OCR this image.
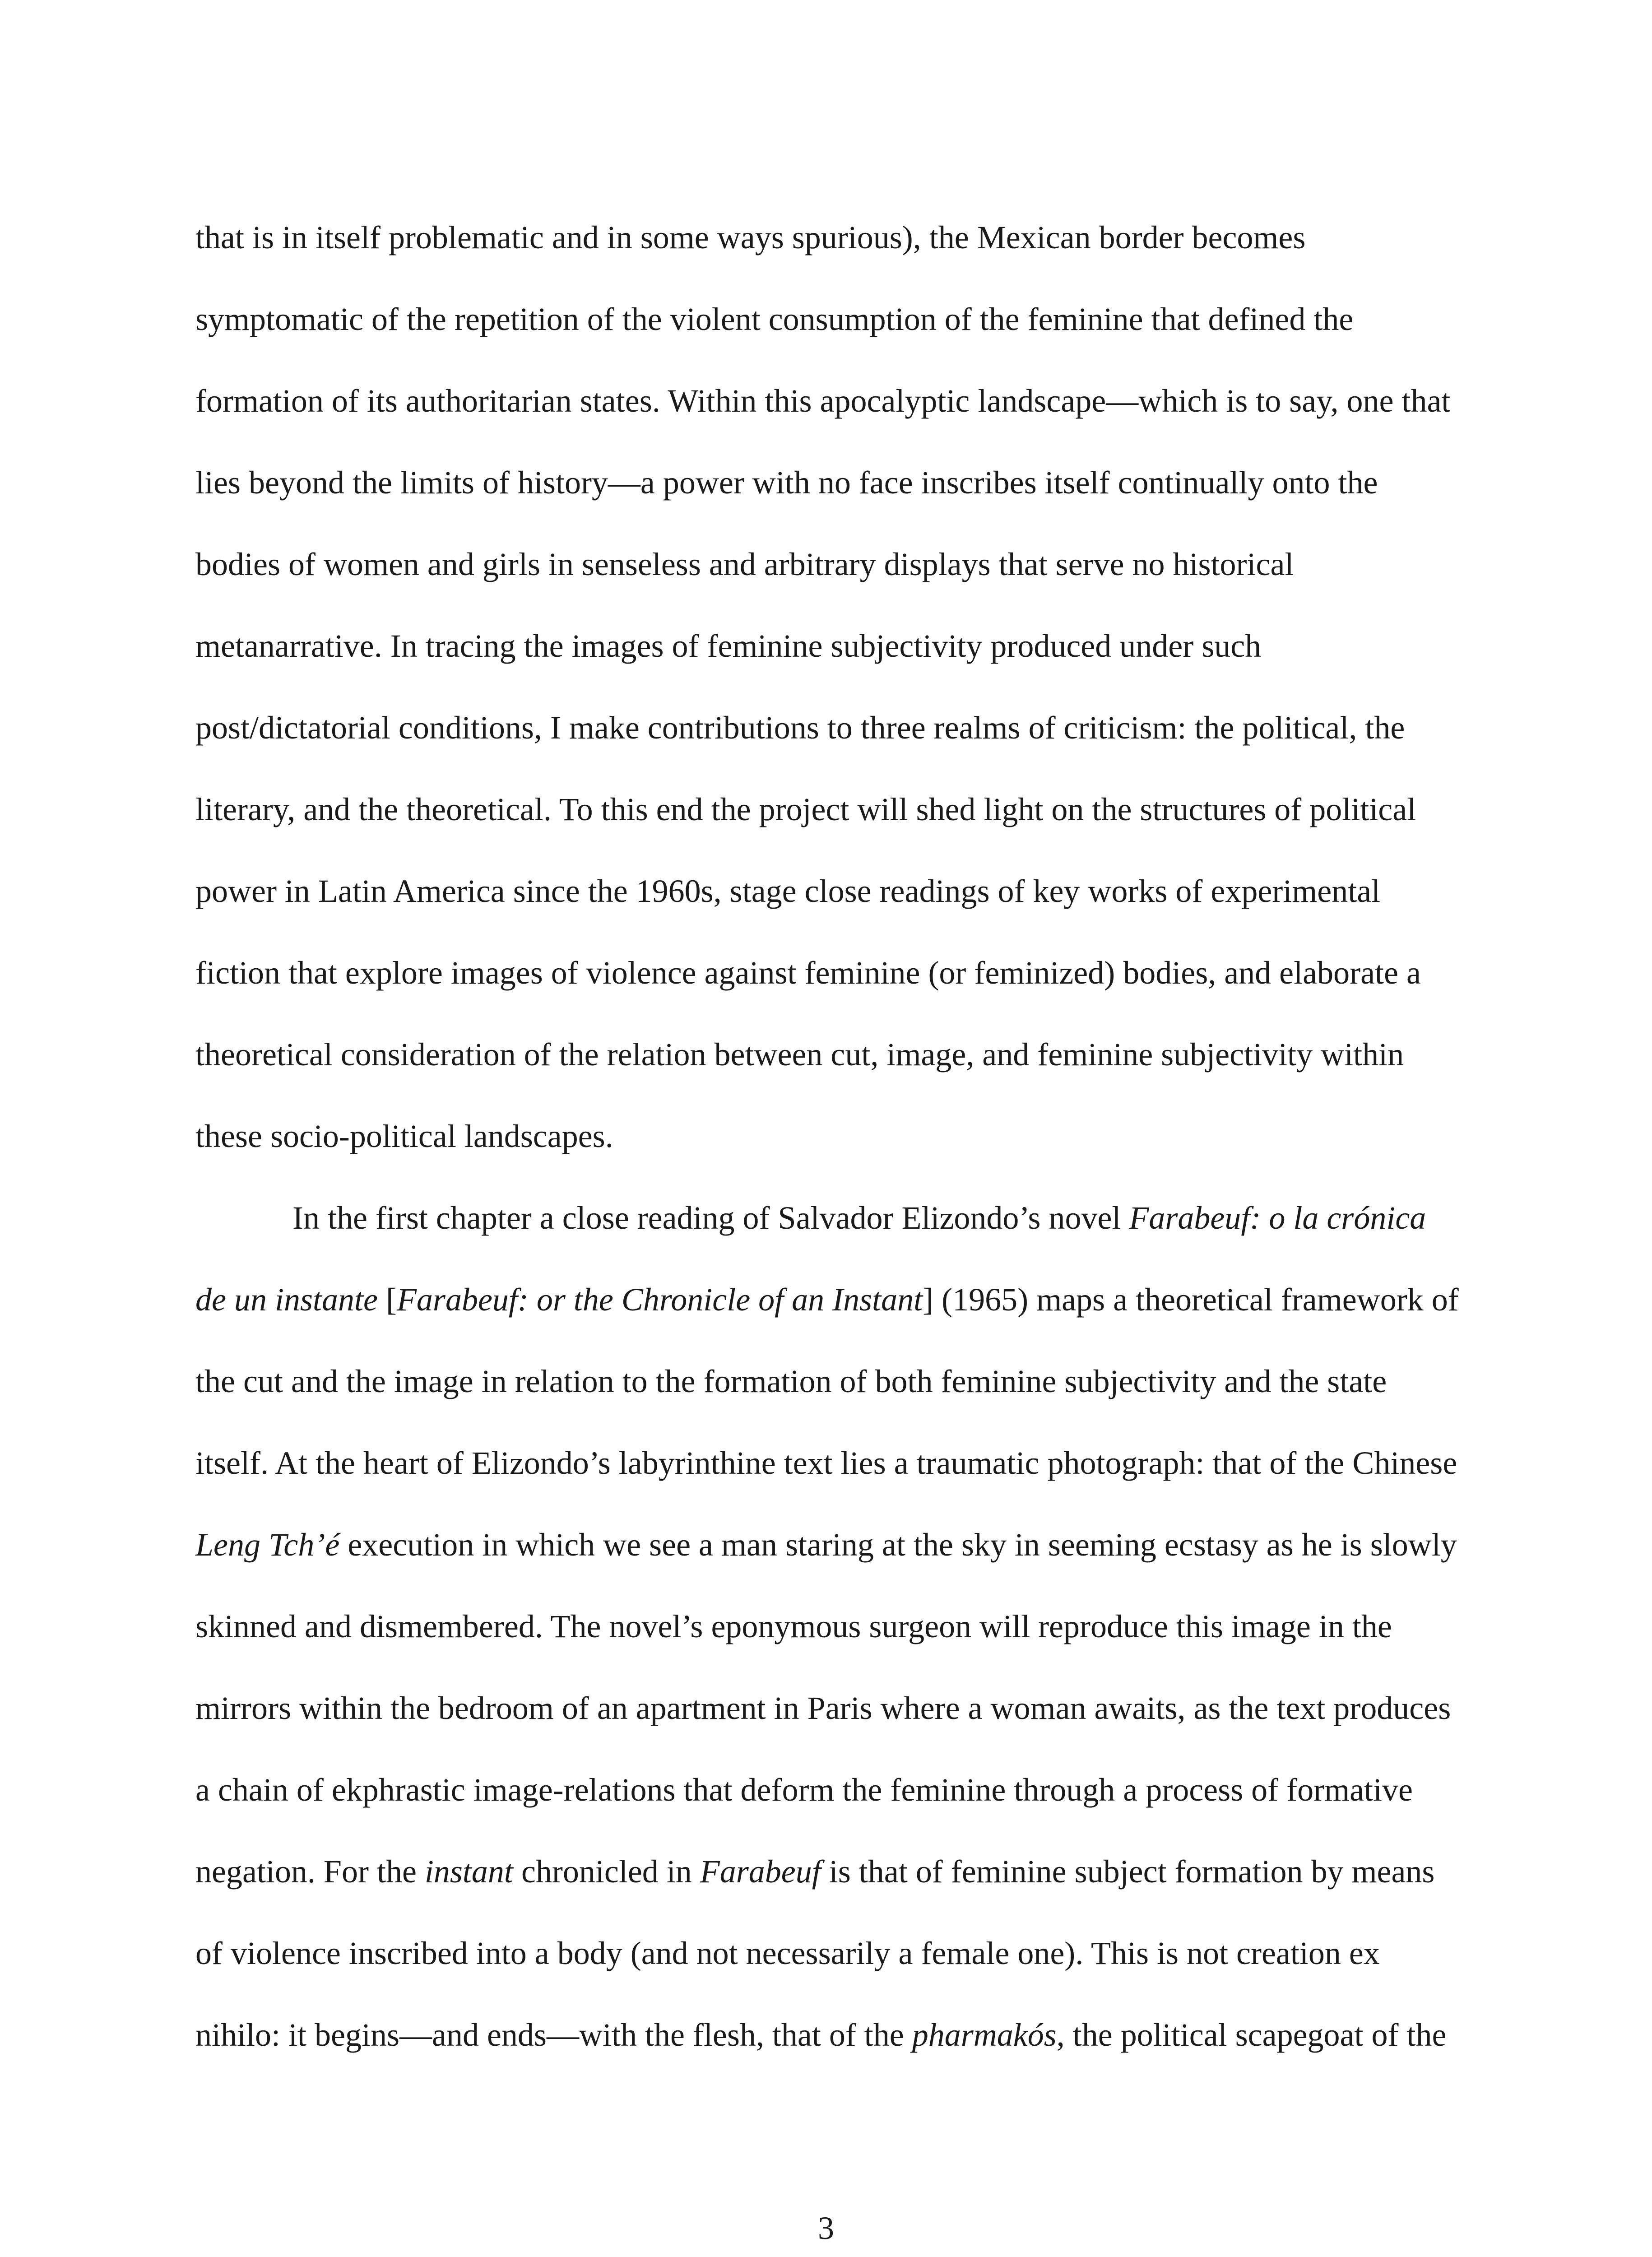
that is in itself problematic and in some ways spurious), the Mexican border becomes
symptomatic of the repetition of the violent consumption of the feminine that defined the
formation of its authoritarian states. Within this apocalyptic landscape—which is to say, one that
lies beyond the limits of history—a power with no face inscribes itself continually onto the
bodies of women and girls in senseless and arbitrary displays that serve no historical
metanarrative. In tracing the images of feminine subjectivity produced under such
post/dictatorial conditions, I make contributions to three realms of criticism: the political, the
literary, and the theoretical. To this end the project will shed light on the structures of political
power in Latin America since the 1960s, stage close readings of key works of experimental
fiction that explore images of violence against feminine (or feminized) bodies, and elaborate a
theoretical consideration of the relation between cut, image, and feminine subjectivity within
these socio-political landscapes.
In the first chapter a close reading of Salvador Elizondo’s novel Farabeuf: o la crónica
de un instante [Farabeuf: or the Chronicle of an Instant] (1965) maps a theoretical framework of
the cut and the image in relation to the formation of both feminine subjectivity and the state
itself. At the heart of Elizondo’s labyrinthine text lies a traumatic photograph: that of the Chinese
Leng Tch’é execution in which we see a man staring at the sky in seeming ecstasy as he is slowly
skinned and dismembered. The novel’s eponymous surgeon will reproduce this image in the
mirrors within the bedroom of an apartment in Paris where a woman awaits, as the text produces
a chain of ekphrastic image-relations that deform the feminine through a process of formative
negation. For the instant chronicled in Farabeuf is that of feminine subject formation by means
of violence inscribed into a body (and not necessarily a female one). This is not creation ex
nihilo: it begins—and ends—with the flesh, that of the pharmakós, the political scapegoat of the
3
